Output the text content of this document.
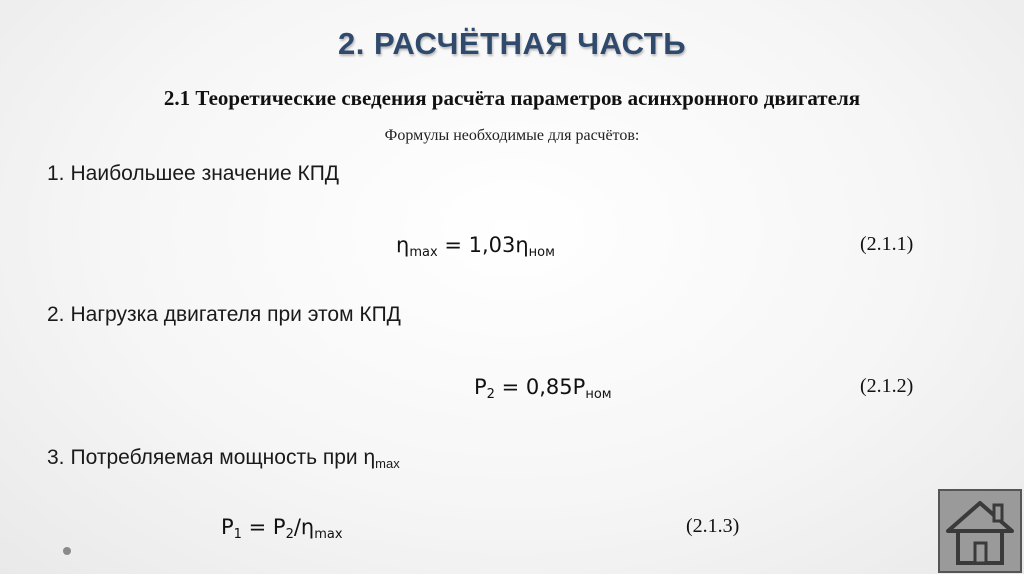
2. РАСЧЁТНАЯ ЧАСТЬ
2.1 Теоретические сведения расчёта параметров асинхронного двигателя
Формулы необходимые для расчётов:
1. Наибольшее значение КПД
$\eta_{max} = 1,03\eta_{ном}$	(2.1.1)
2. Нагрузка двигателя при этом КПД
$P_2 = 0,85P_{ном}$	(2.1.2)
3. Потребляемая мощность при $\eta_{max}$
$P_1 = P_2/\eta_{max}$	(2.1.3)
